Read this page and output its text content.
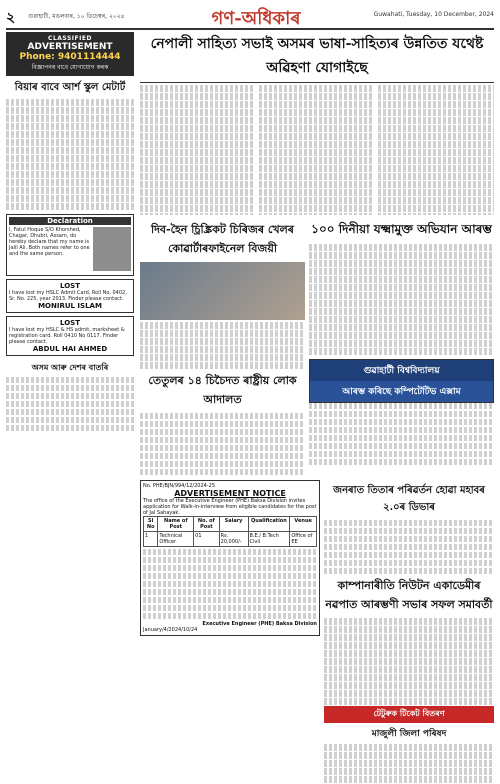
২ গুৱাহাটী, মঙলবাৰ, ১০ ডিচেম্বৰ, ২০২৪	গণ-অধিকাৰ	Guwahati, Tuesday, 10 December, 2024
CLASSIFIED
ADVERTISEMENT
Phone: 9401114444
বিজ্ঞাপনৰ বাবে যোগাযোগ কৰক
বিয়াৰ বাবে আৰ্শ স্কুল মেটাৰ্ট
Declaration
I, Fatul Hoque S/O Khorshed, Chagar, Dhubri, Assam, do hereby declare that my name is Jalil Ali. Both names refer to one and the same person.
LOST
I have lost my HSLC Admit Card, Roll No. 0402, Sr. No. 225, year 2013. Finder please contact.
MONIRUL ISLAM
LOST
I have lost my HSLC & HS admit, marksheet & registration card. Roll 0410 No 0117. Finder please contact.
ABDUL HAI AHMED
অসম আৰু দেশৰ বাতৰি
নেপালী সাহিত্য সভাই অসমৰ ভাষা-সাহিত্যৰ উন্নতিত যথেষ্ট অৱিহণা যোগাইছে
দিব-হৈন চ্ৰিঙ্ক্ৰিকট চিৰিজৰ খেলৰ কোৱাৰ্টাৰফাইনেল বিজয়ী
তেতুলৰ ১৪ চিচৈদত ৰাষ্ট্ৰীয় লোক আদালত
১০০ দিনীয়া যক্ষ্মামুক্ত অভিযান আৰম্ভ
গুৱাহাটী বিশ্ববিদ্যালয়
আৰম্ভ কৰিছে কম্পিটেটিভ এক্সাম
No. PHE/BJN/994/12/2024-25
ADVERTISEMENT NOTICE
The office of the Executive Engineer (PHE) Baksa Division invites application for Walk-in-interview from eligible candidates for the post of Jal Sahayak.
Sl No	Name of Post	No. of Post	Salary	Qualification	Venue
1	Technical Officer	01	Rs. 20,000/-	B.E./ B.Tech Civil	Office of EE
Executive Engineer (PHE) Baksa Division
January/4/2024/10/24
জনৰাত তিতাৰ পৰিৱৰ্তন হোৱা মহাবৰ ২.০ৰ ডিভাৰ
কাম্পানাৰীতি নিউটন একাডেমীৰ নৱপাত আৰম্ভণী সভাৰ সফল সমাবৰ্তী
টেটুৰুক টিকেট বিতৰণ
মাজুলী জিলা পৰিষদ
